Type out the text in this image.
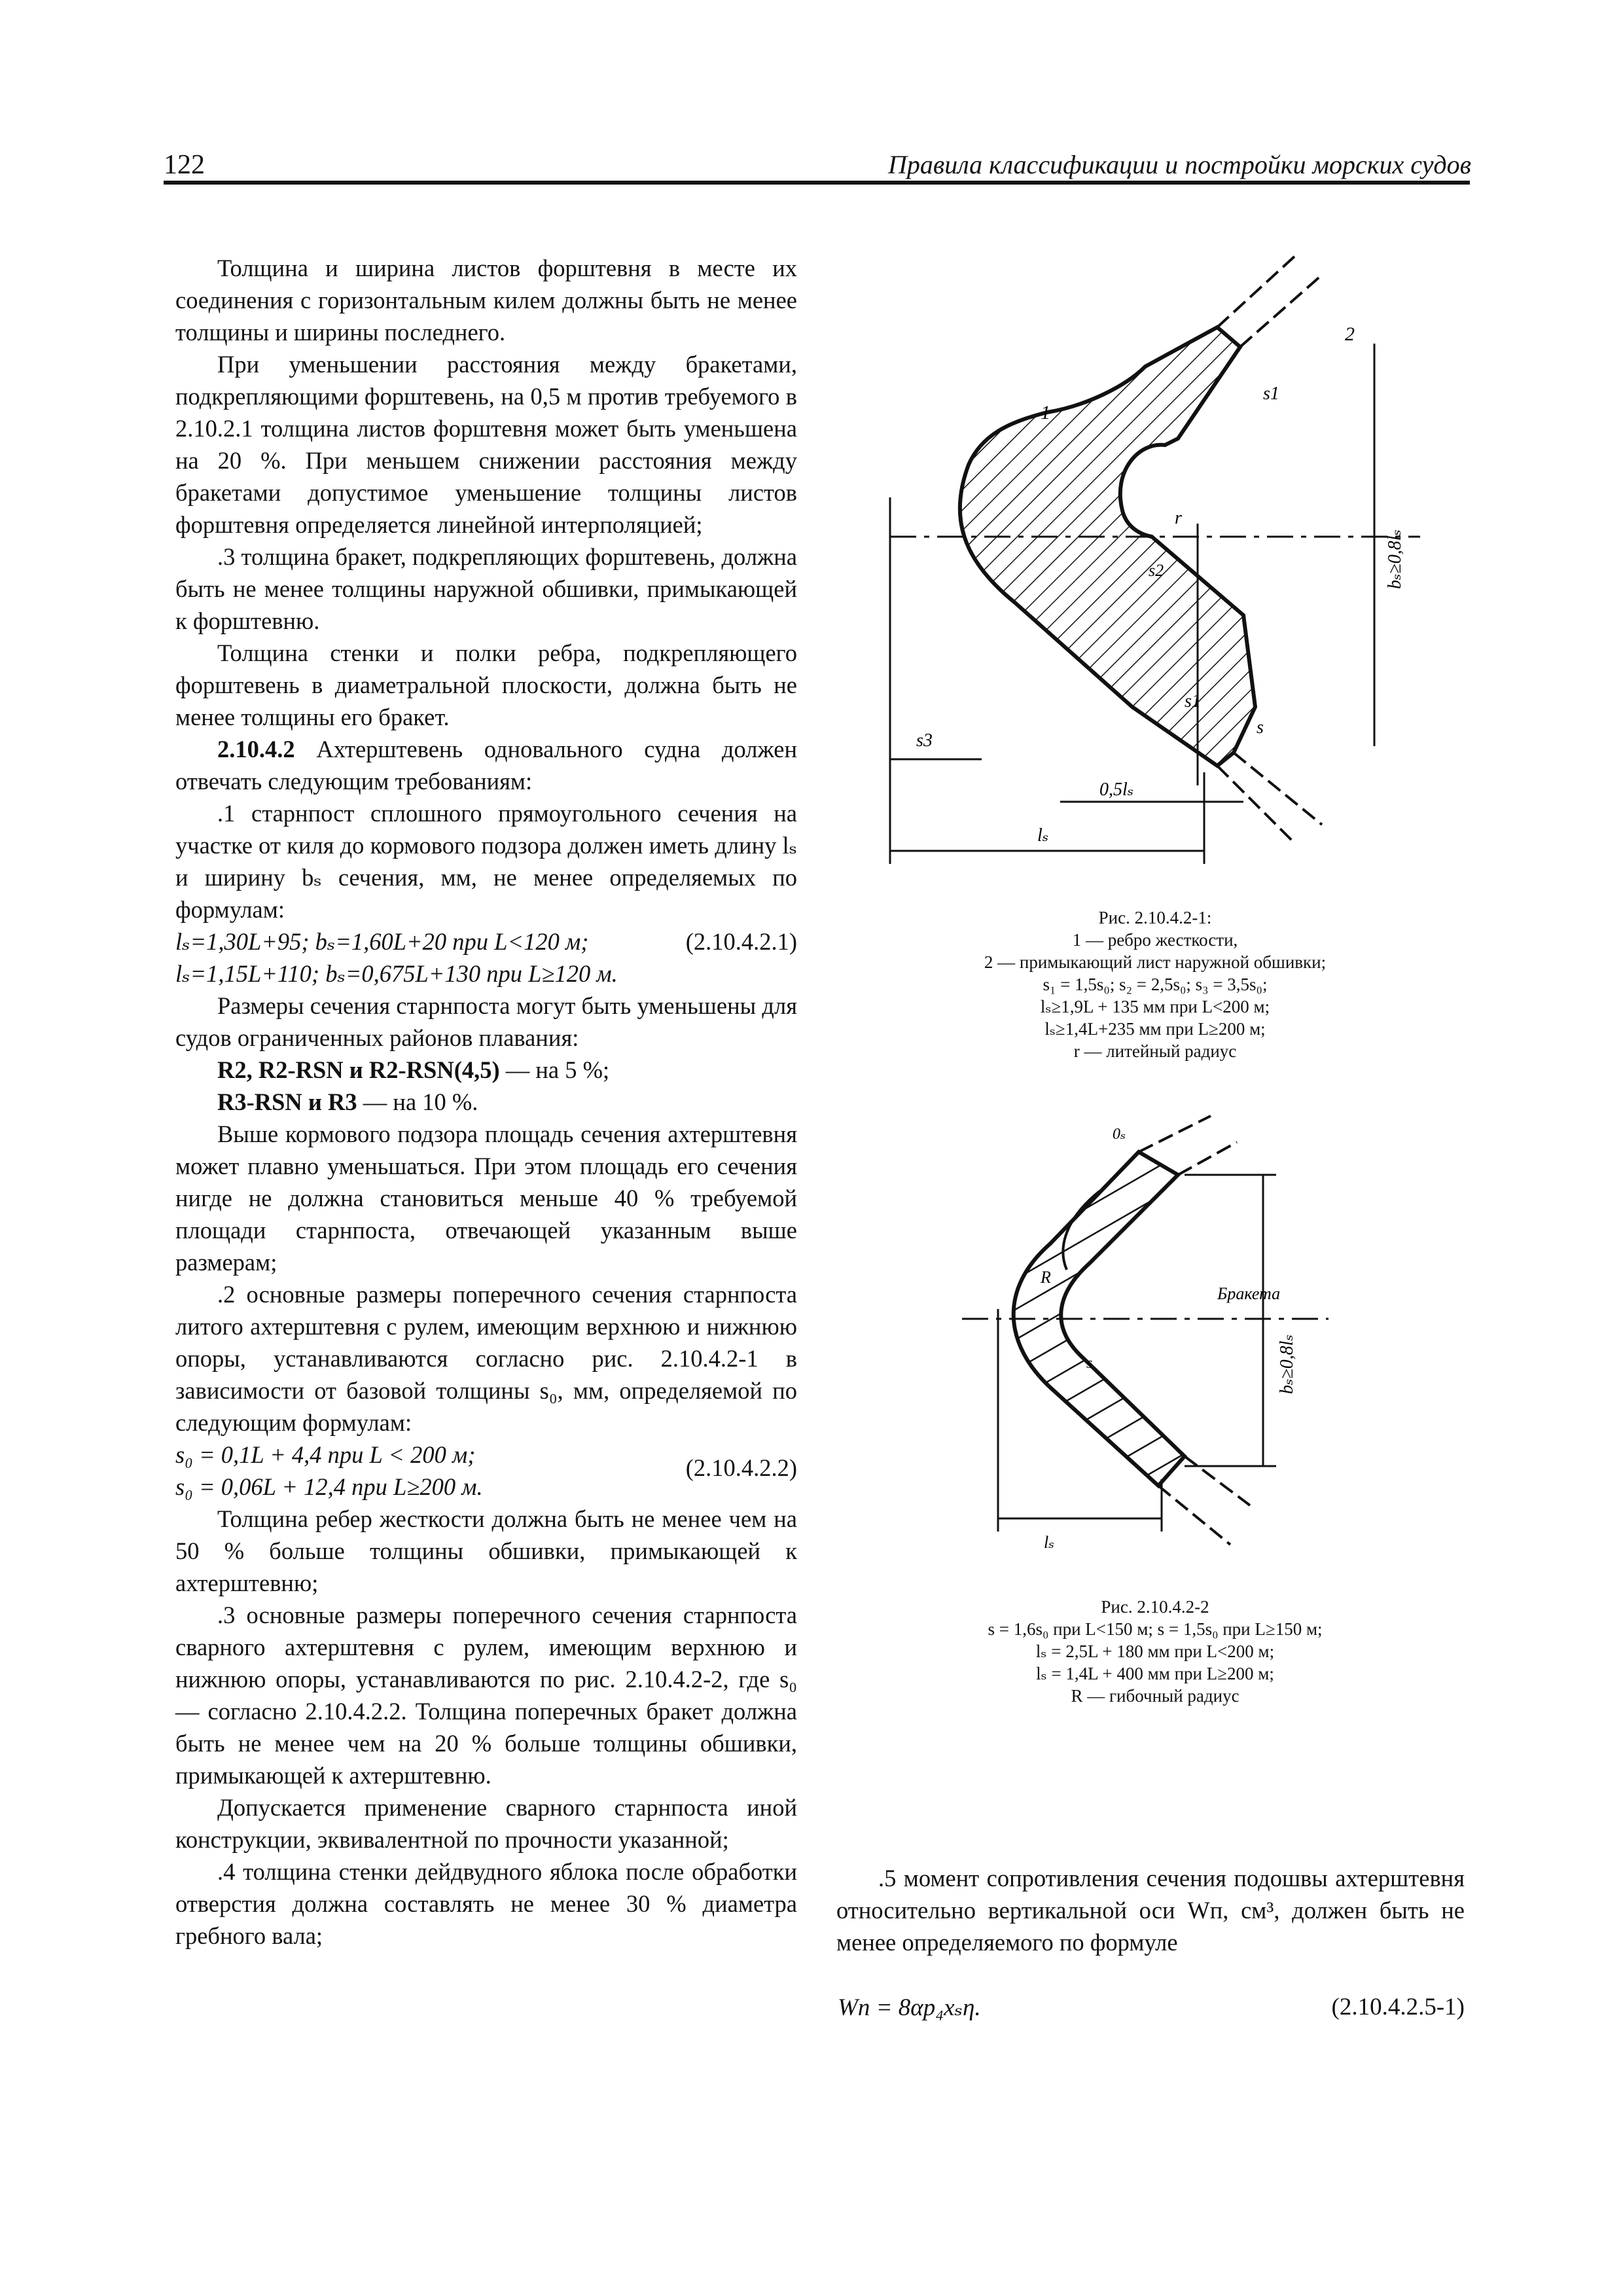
122	Правила классификации и постройки морских судов

Толщина и ширина листов форштевня в месте их соединения с горизонтальным килем должны быть не менее толщины и ширины последнего.

При уменьшении расстояния между бракетами, подкрепляющими форштевень, на 0,5 м против требуемого в 2.10.2.1 толщина листов форштевня может быть уменьшена на 20 %. При меньшем снижении расстояния между бракетами допустимое уменьшение толщины листов форштевня определяется линейной интерполяцией;

.3 толщина бракет, подкрепляющих форштевень, должна быть не менее толщины наружной обшивки, примыкающей к форштевню.

Толщина стенки и полки ребра, подкрепляющего форштевень в диаметральной плоскости, должна быть не менее толщины его бракет.

2.10.4.2 Ахтерштевень одновального судна должен отвечать следующим требованиям:

.1 старнпост сплошного прямоугольного сечения на участке от киля до кормового подзора должен иметь длину lₛ и ширину bₛ сечения, мм, не менее определяемых по формулам:

lₛ=1,30L+95; bₛ=1,60L+20 при L<120 м;	(2.10.4.2.1)
lₛ=1,15L+110; bₛ=0,675L+130 при L≥120 м.

Размеры сечения старнпоста могут быть уменьшены для судов ограниченных районов плавания:

R2, R2-RSN и R2-RSN(4,5) — на 5 %;

R3-RSN и R3 — на 10 %.

Выше кормового подзора площадь сечения ахтерштевня может плавно уменьшаться. При этом площадь его сечения нигде не должна становиться меньше 40 % требуемой площади старнпоста, отвечающей указанным выше размерам;

.2 основные размеры поперечного сечения старнпоста литого ахтерштевня с рулем, имеющим верхнюю и нижнюю опоры, устанавливаются согласно рис. 2.10.4.2-1 в зависимости от базовой толщины s₀, мм, определяемой по следующим формулам:

s₀ = 0,1L + 4,4 при L < 200 м;	(2.10.4.2.2)
s₀ = 0,06L + 12,4 при L≥200 м.

Толщина ребер жесткости должна быть не менее чем на 50 % больше толщины обшивки, примыкающей к ахтерштевню;

.3 основные размеры поперечного сечения старнпоста сварного ахтерштевня с рулем, имеющим верхнюю и нижнюю опоры, устанавливаются по рис. 2.10.4.2-2, где s₀ — согласно 2.10.4.2.2. Толщина поперечных бракет должна быть не менее чем на 20 % больше толщины обшивки, примыкающей к ахтерштевню.

Допускается применение сварного старнпоста иной конструкции, эквивалентной по прочности указанной;

.4 толщина стенки дейдвудного яблока после обработки отверстия должна составлять не менее 30 % диаметра гребного вала;

1
2
s1
s1
s2
s3
s
r
0,5lₛ
lₛ
bₛ≥0,8lₛ
Рис. 2.10.4.2-1:
1 — ребро жесткости,
2 — примыкающий лист наружной обшивки;
s₁ = 1,5s₀; s₂ = 2,5s₀; s₃ = 3,5s₀;
lₛ≥1,9L + 135 мм при L<200 м;
lₛ≥1,4L+235 мм при L≥200 м;
r — литейный радиус
0ₛ
Бракета
R
s
lₛ
bₛ≥0,8lₛ
Рис. 2.10.4.2-2
s = 1,6s₀ при L<150 м; s = 1,5s₀ при L≥150 м;
lₛ = 2,5L + 180 мм при L<200 м;
lₛ = 1,4L + 400 мм при L≥200 м;
R — гибочный радиус

.5 момент сопротивления сечения подошвы ахтерштевня относительно вертикальной оси Wп, см³, должен быть не менее определяемого по формуле

Wп = 8αp₄xₛη.	(2.10.4.2.5-1)
